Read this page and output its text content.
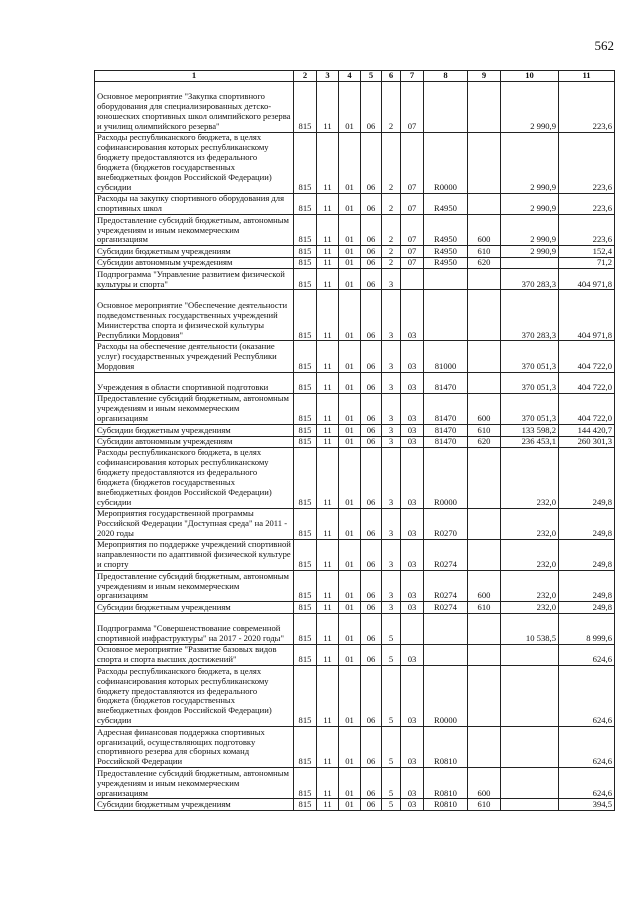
562
1	2	3	4	5	6	7	8	9	10	11
Основное мероприятие "Закупка спортивного оборудования для специализированных детско-юношеских спортивных школ олимпийского резерва и училищ олимпийского резерва"	815	11	01	06	2	07			2 990,9	223,6
Расходы республиканского бюджета, в целях софинансирования которых республиканскому бюджету предоставляются из федерального бюджета (бюджетов государственных внебюджетных фондов Российской Федерации) субсидии	815	11	01	06	2	07	R0000		2 990,9	223,6
Расходы на закупку спортивного оборудования для спортивных школ	815	11	01	06	2	07	R4950		2 990,9	223,6
Предоставление субсидий бюджетным, автономным учреждениям и иным некоммерческим организациям	815	11	01	06	2	07	R4950	600	2 990,9	223,6
Субсидии бюджетным учреждениям	815	11	01	06	2	07	R4950	610	2 990,9	152,4
Субсидии автономным учреждениям	815	11	01	06	2	07	R4950	620		71,2
Подпрограмма "Управление развитием физической культуры и спорта"	815	11	01	06	3				370 283,3	404 971,8
Основное мероприятие "Обеспечение деятельности подведомственных государственных учреждений Министерства спорта и физической культуры Республики Мордовия"	815	11	01	06	3	03			370 283,3	404 971,8
Расходы на обеспечение деятельности (оказание услуг) государственных учреждений Республики Мордовия	815	11	01	06	3	03	81000		370 051,3	404 722,0
Учреждения в области спортивной подготовки	815	11	01	06	3	03	81470		370 051,3	404 722,0
Предоставление субсидий бюджетным, автономным учреждениям и иным некоммерческим организациям	815	11	01	06	3	03	81470	600	370 051,3	404 722,0
Субсидии бюджетным учреждениям	815	11	01	06	3	03	81470	610	133 598,2	144 420,7
Субсидии автономным учреждениям	815	11	01	06	3	03	81470	620	236 453,1	260 301,3
Расходы республиканского бюджета, в целях софинансирования которых республиканскому бюджету предоставляются из федерального бюджета (бюджетов государственных внебюджетных фондов Российской Федерации) субсидии	815	11	01	06	3	03	R0000		232,0	249,8
Мероприятия государственной программы Российской Федерации "Доступная среда" на 2011 - 2020 годы	815	11	01	06	3	03	R0270		232,0	249,8
Мероприятия по поддержке учреждений спортивной направленности по адаптивной физической культуре и спорту	815	11	01	06	3	03	R0274		232,0	249,8
Предоставление субсидий бюджетным, автономным учреждениям и иным некоммерческим организациям	815	11	01	06	3	03	R0274	600	232,0	249,8
Субсидии бюджетным учреждениям	815	11	01	06	3	03	R0274	610	232,0	249,8
Подпрограмма "Совершенствование современной спортивной инфраструктуры" на 2017 - 2020 годы"	815	11	01	06	5				10 538,5	8 999,6
Основное мероприятие "Развитие базовых видов спорта и спорта высших достижений"	815	11	01	06	5	03				624,6
Расходы республиканского бюджета, в целях софинансирования которых республиканскому бюджету предоставляются из федерального бюджета (бюджетов государственных внебюджетных фондов Российской Федерации) субсидии	815	11	01	06	5	03	R0000			624,6
Адресная финансовая поддержка спортивных организаций, осуществляющих подготовку спортивного резерва для сборных команд Российской Федерации	815	11	01	06	5	03	R0810			624,6
Предоставление субсидий бюджетным, автономным учреждениям и иным некоммерческим организациям	815	11	01	06	5	03	R0810	600		624,6
Субсидии бюджетным учреждениям	815	11	01	06	5	03	R0810	610		394,5
